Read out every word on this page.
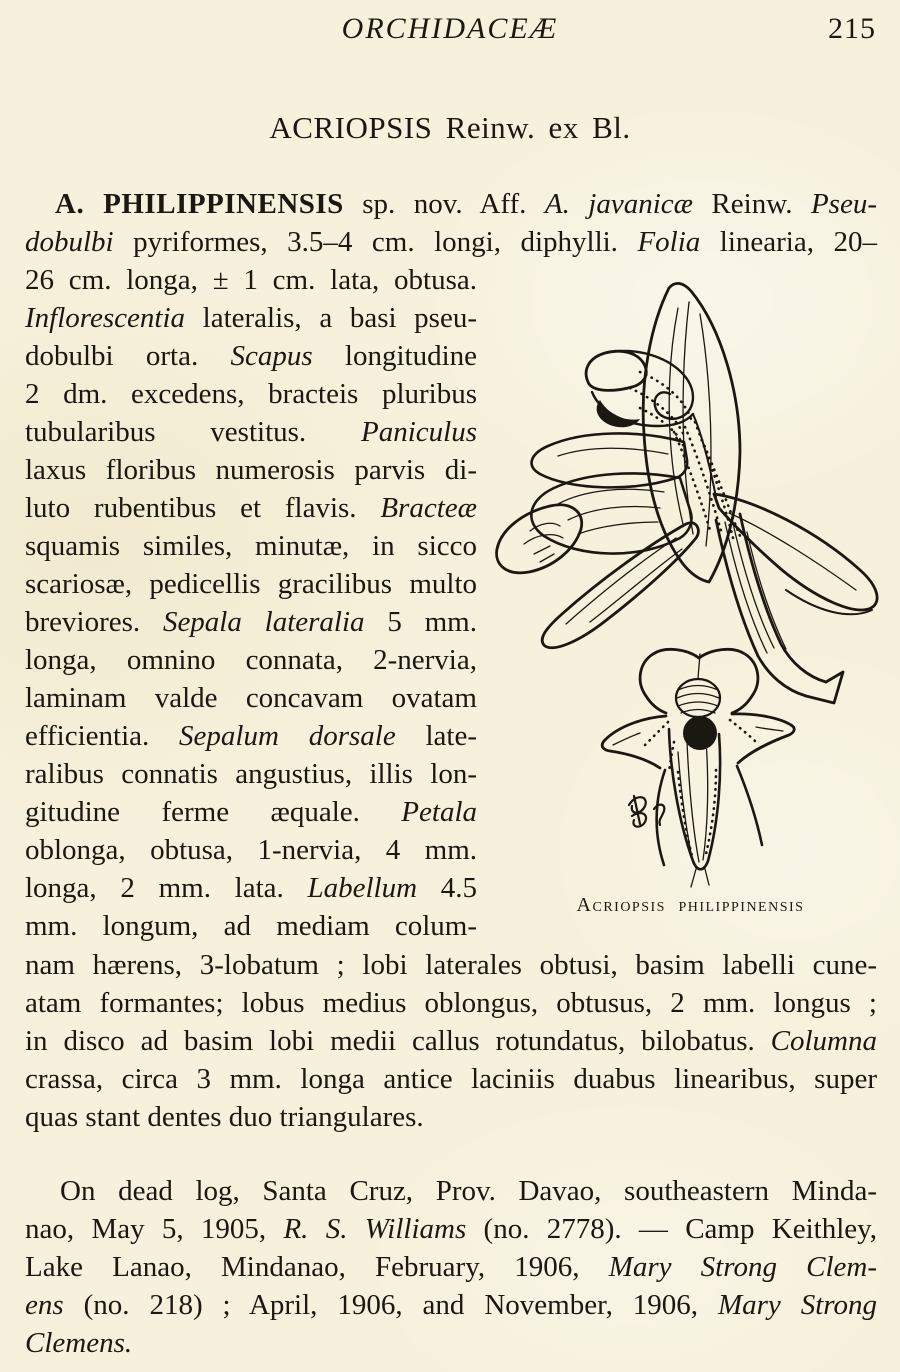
ORCHIDACEÆ	215
ACRIOPSIS Reinw. ex Bl.
A. PHILIPPINENSIS sp. nov. Aff. A. javanicæ Reinw. Pseu-
dobulbi pyriformes, 3.5–4 cm. longi, diphylli. Folia linearia, 20–
26 cm. longa, ± 1 cm. lata, obtusa.
Inflorescentia lateralis, a basi pseu-
dobulbi orta. Scapus longitudine
2 dm. excedens, bracteis pluribus
tubularibus vestitus. Paniculus
laxus floribus numerosis parvis di-
luto rubentibus et flavis. Bracteæ
squamis similes, minutæ, in sicco
scariosæ, pedicellis gracilibus multo
breviores. Sepala lateralia 5 mm.
longa, omnino connata, 2-nervia,
laminam valde concavam ovatam
efficientia. Sepalum dorsale late-
ralibus connatis angustius, illis lon-
gitudine ferme æquale. Petala
oblonga, obtusa, 1-nervia, 4 mm.
longa, 2 mm. lata. Labellum 4.5
mm. longum, ad mediam colum-
nam hærens, 3-lobatum ; lobi laterales obtusi, basim labelli cune-
atam formantes; lobus medius oblongus, obtusus, 2 mm. longus ;
in disco ad basim lobi medii callus rotundatus, bilobatus. Columna
crassa, circa 3 mm. longa antice laciniis duabus linearibus, super
quas stant dentes duo triangulares.
On dead log, Santa Cruz, Prov. Davao, southeastern Minda-
nao, May 5, 1905, R. S. Williams (no. 2778). — Camp Keithley,
Lake Lanao, Mindanao, February, 1906, Mary Strong Clem-
ens (no. 218) ; April, 1906, and November, 1906, Mary Strong
Clemens.
Acriopsis philippinensis
